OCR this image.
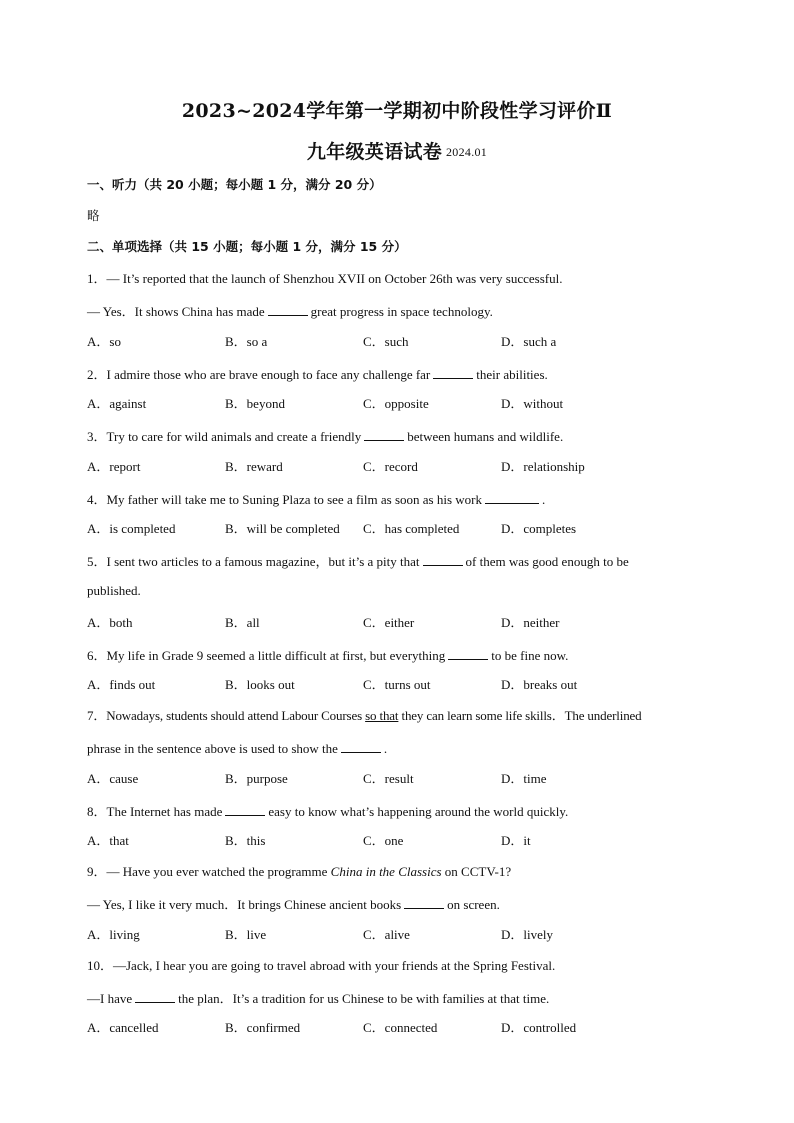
2023~2024学年第一学期初中阶段性学习评价Ⅱ
九年级英语试卷 2024.01
一、听力（共 20 小题；每小题 1 分，满分 20 分）
略
二、单项选择（共 15 小题；每小题 1 分，满分 15 分）
1．— It’s reported that the launch of Shenzhou XVII on October 26th was very successful.
— Yes．It shows China has made	great progress in space technology.
A．so	B．so a	C．such	D．such a
2．I admire those who are brave enough to face any challenge far	their abilities.
A．against	B．beyond	C．opposite	D．without
3．Try to care for wild animals and create a friendly	between humans and wildlife.
A．report	B．reward	C．record	D．relationship
4．My father will take me to Suning Plaza to see a film as soon as his work	.
A．is completed	B．will be completed C．has completed	D．completes
5．I sent two articles to a famous magazine，but it’s a pity that	of them was good enough to be
published.
A．both	B．all	C．either	D．neither
6．My life in Grade 9 seemed a little difficult at first, but everything	to be fine now.
A．finds out	B．looks out	C．turns out	D．breaks out
7．Nowadays, students should attend Labour Courses so that they can learn some life skills．The underlined
phrase in the sentence above is used to show the	.
A．cause	B．purpose	C．result	D．time
8．The Internet has made	easy to know what’s happening around the world quickly.
A．that	B．this	C．one	D．it
9．— Have you ever watched the programme China in the Classics on CCTV-1?
— Yes, I like it very much．It brings Chinese ancient books	on screen.
A．living	B．live	C．alive	D．lively
10．—Jack, I hear you are going to travel abroad with your friends at the Spring Festival.
—I have	the plan．It’s a tradition for us Chinese to be with families at that time.
A．cancelled	B．confirmed	C．connected	D．controlled
